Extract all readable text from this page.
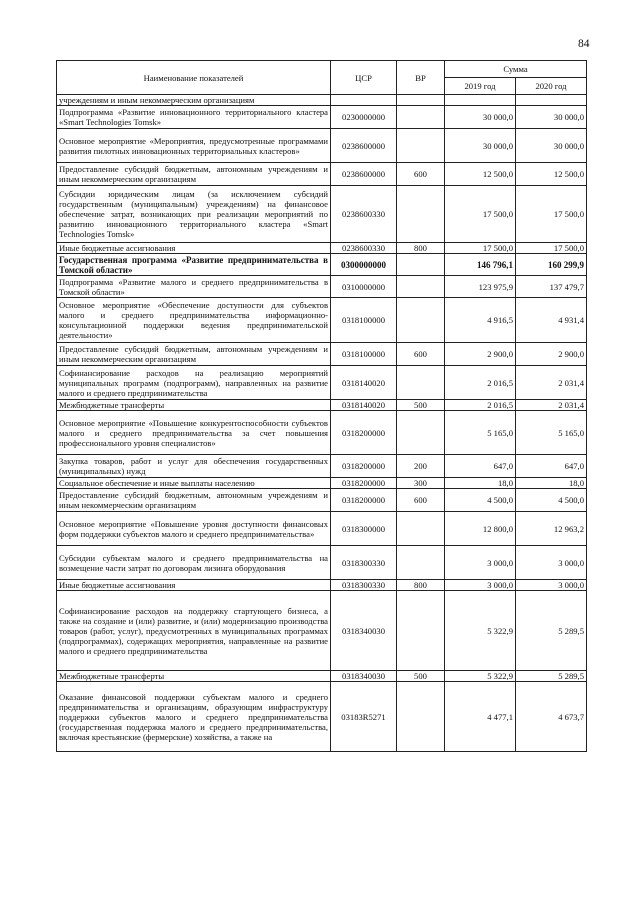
84
Наименование показателей	ЦСР	ВР	Сумма	
			2019 год	2020 год
учреждениям и иным некоммерческим организациям				
Подпрограмма «Развитие инновационного территориального кластера «Smart Technologies Tomsk»	0230000000		30 000,0	30 000,0
Основное мероприятие «Мероприятия, предусмотренные программами развития пилотных инновационных территориальных кластеров»	0238600000		30 000,0	30 000,0
Предоставление субсидий бюджетным, автономным учреждениям и иным некоммерческим организациям	0238600000	600	12 500,0	12 500,0
Субсидии юридическим лицам (за исключением субсидий государственным (муниципальным) учреждениям) на финансовое обеспечение затрат, возникающих при реализации мероприятий по развитию инновационного территориального кластера «Smart Technologies Tomsk»	0238600330		17 500,0	17 500,0
Иные бюджетные ассигнования	0238600330	800	17 500,0	17 500,0
Государственная программа «Развитие предпринимательства в Томской области»	0300000000		146 796,1	160 299,9
Подпрограмма «Развитие малого и среднего предпринимательства в Томской области»	0310000000		123 975,9	137 479,7
Основное мероприятие «Обеспечение доступности для субъектов малого и среднего предпринимательства информационно-консультационной поддержки ведения предпринимательской деятельности»	0318100000		4 916,5	4 931,4
Предоставление субсидий бюджетным, автономным учреждениям и иным некоммерческим организациям	0318100000	600	2 900,0	2 900,0
Софинансирование расходов на реализацию мероприятий муниципальных программ (подпрограмм), направленных на развитие малого и среднего предпринимательства	0318140020		2 016,5	2 031,4
Межбюджетные трансферты	0318140020	500	2 016,5	2 031,4
Основное мероприятие «Повышение конкурентоспособности субъектов малого и среднего предпринимательства за счет повышения профессионального уровня специалистов»	0318200000		5 165,0	5 165,0
Закупка товаров, работ и услуг для обеспечения государственных (муниципальных) нужд	0318200000	200	647,0	647,0
Социальное обеспечение и иные выплаты населению	0318200000	300	18,0	18,0
Предоставление субсидий бюджетным, автономным учреждениям и иным некоммерческим организациям	0318200000	600	4 500,0	4 500,0
Основное мероприятие «Повышение уровня доступности финансовых форм поддержки субъектов малого и среднего предпринимательства»	0318300000		12 800,0	12 963,2
Субсидии субъектам малого и среднего предпринимательства на возмещение части затрат по договорам лизинга оборудования	0318300330		3 000,0	3 000,0
Иные бюджетные ассигнования	0318300330	800	3 000,0	3 000,0
Софинансирование расходов на поддержку стартующего бизнеса, а также на создание и (или) развитие, и (или) модернизацию производства товаров (работ, услуг), предусмотренных в муниципальных программах (подпрограммах), содержащих мероприятия, направленные на развитие малого и среднего предпринимательства	0318340030		5 322,9	5 289,5
Межбюджетные трансферты	0318340030	500	5 322,9	5 289,5
Оказание финансовой поддержки субъектам малого и среднего предпринимательства и организациям, образующим инфраструктуру поддержки субъектов малого и среднего предпринимательства (государственная поддержка малого и среднего предпринимательства, включая крестьянские (фермерские) хозяйства, а также на	03183R5271		4 477,1	4 673,7
